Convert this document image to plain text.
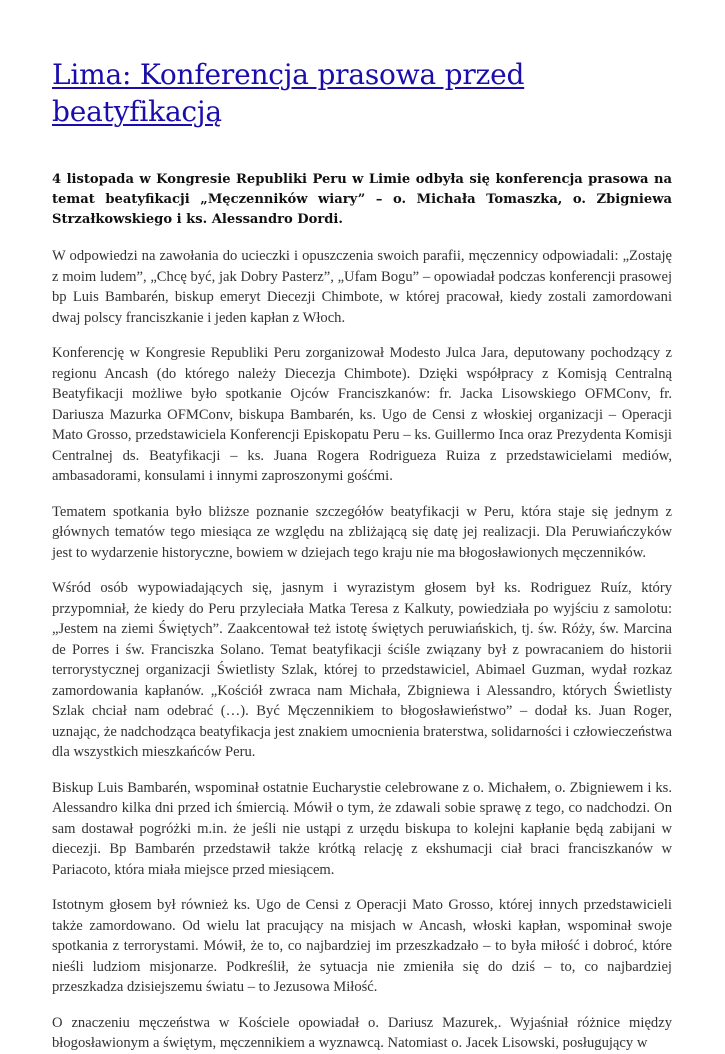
Lima: Konferencja prasowa przed beatyfikacją

4 listopada w Kongresie Republiki Peru w Limie odbyła się konferencja prasowa na temat beatyfikacji „Męczenników wiary” – o. Michała Tomaszka, o. Zbigniewa Strzałkowskiego i ks. Alessandro Dordi.

W odpowiedzi na zawołania do ucieczki i opuszczenia swoich parafii, męczennicy odpowiadali: „Zostaję z moim ludem”, „Chcę być, jak Dobry Pasterz”, „Ufam Bogu” – opowiadał podczas konferencji prasowej bp Luis Bambarén, biskup emeryt Diecezji Chimbote, w której pracował, kiedy zostali zamordowani dwaj polscy franciszkanie i jeden kapłan z Włoch.

Konferencję w Kongresie Republiki Peru zorganizował Modesto Julca Jara, deputowany pochodzący z regionu Ancash (do którego należy Diecezja Chimbote). Dzięki współpracy z Komisją Centralną Beatyfikacji możliwe było spotkanie Ojców Franciszkanów: fr. Jacka Lisowskiego OFMConv, fr. Dariusza Mazurka OFMConv, biskupa Bambarén, ks. Ugo de Censi z włoskiej organizacji – Operacji Mato Grosso, przedstawiciela Konferencji Episkopatu Peru – ks. Guillermo Inca oraz Prezydenta Komisji Centralnej ds. Beatyfikacji – ks. Juana Rogera Rodrigueza Ruiza z przedstawicielami mediów, ambasadorami, konsulami i innymi zaproszonymi gośćmi.

Tematem spotkania było bliższe poznanie szczegółów beatyfikacji w Peru, która staje się jednym z głównych tematów tego miesiąca ze względu na zbliżającą się datę jej realizacji. Dla Peruwiańczyków jest to wydarzenie historyczne, bowiem w dziejach tego kraju nie ma błogosławionych męczenników.

Wśród osób wypowiadających się, jasnym i wyrazistym głosem był ks. Rodriguez Ruíz, który przypomniał, że kiedy do Peru przyleciała Matka Teresa z Kalkuty, powiedziała po wyjściu z samolotu: „Jestem na ziemi Świętych”. Zaakcentował też istotę świętych peruwiańskich, tj. św. Róży, św. Marcina de Porres i św. Franciszka Solano. Temat beatyfikacji ściśle związany był z powracaniem do historii terrorystycznej organizacji Świetlisty Szlak, której to przedstawiciel, Abimael Guzman, wydał rozkaz zamordowania kapłanów. „Kościół zwraca nam Michała, Zbigniewa i Alessandro, których Świetlisty Szlak chciał nam odebrać (…). Być Męczennikiem to błogosławieństwo” – dodał ks. Juan Roger, uznając, że nadchodząca beatyfikacja jest znakiem umocnienia braterstwa, solidarności i człowieczeństwa dla wszystkich mieszkańców Peru.

Biskup Luis Bambarén, wspominał ostatnie Eucharystie celebrowane z o. Michałem, o. Zbigniewem i ks. Alessandro kilka dni przed ich śmiercią. Mówił o tym, że zdawali sobie sprawę z tego, co nadchodzi. On sam dostawał pogróżki m.in. że jeśli nie ustąpi z urzędu biskupa to kolejni kapłanie będą zabijani w diecezji. Bp Bambarén przedstawił także krótką relację z ekshumacji ciał braci franciszkanów w Pariacoto, która miała miejsce przed miesiącem.

Istotnym głosem był również ks. Ugo de Censi z Operacji Mato Grosso, której innych przedstawicieli także zamordowano. Od wielu lat pracujący na misjach w Ancash, włoski kapłan, wspominał swoje spotkania z terrorystami. Mówił, że to, co najbardziej im przeszkadzało – to była miłość i dobroć, które nieśli ludziom misjonarze. Podkreślił, że sytuacja nie zmieniła się do dziś – to, co najbardziej przeszkadza dzisiejszemu światu – to Jezusowa Miłość.

O znaczeniu męczeństwa w Kościele opowiadał o. Dariusz Mazurek,. Wyjaśniał różnice między błogosławionym a świętym, męczennikiem a wyznawcą. Natomiast o. Jacek Lisowski, posługujący w
